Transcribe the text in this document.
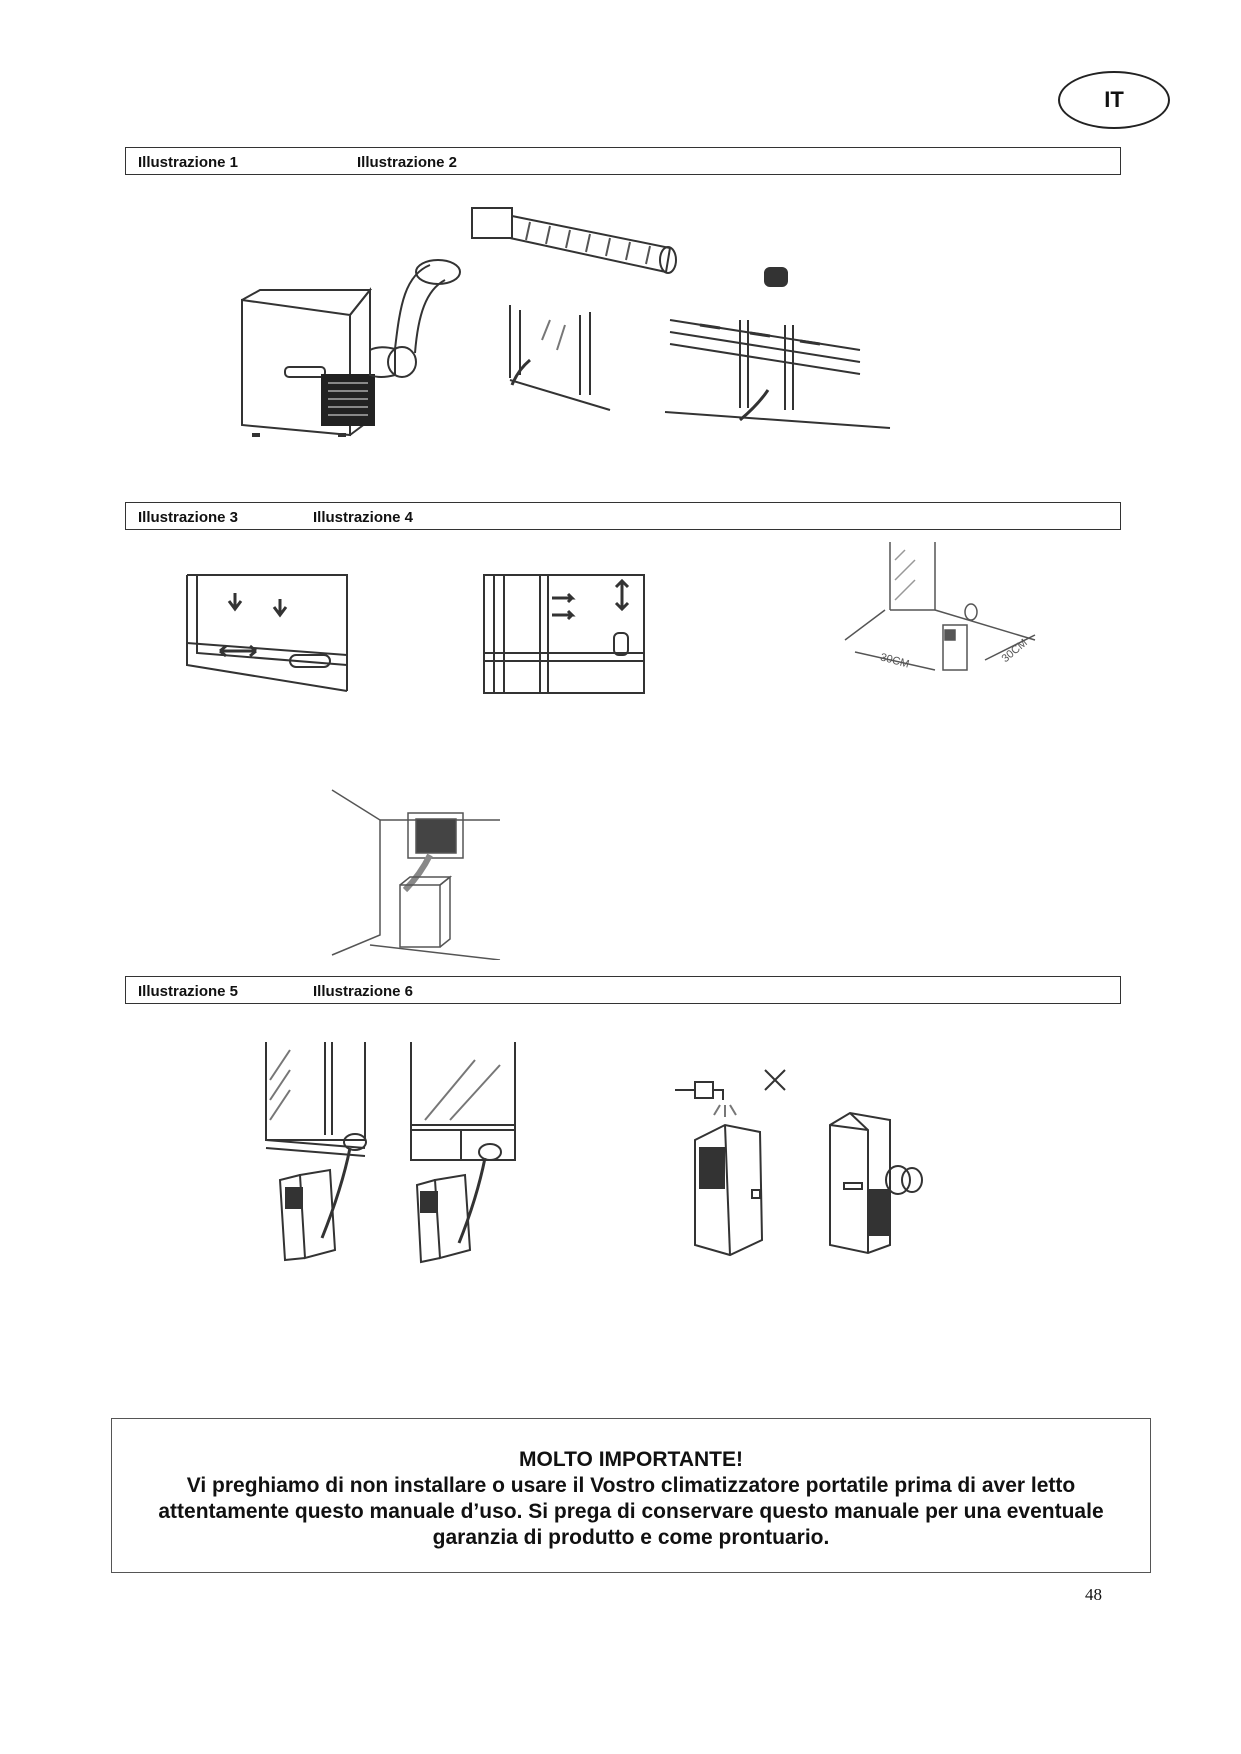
IT
Illustrazione 1	Illustrazione 2
Illustrazione 3	Illustrazione 4
30CM	30CM
Illustrazione 5	Illustrazione 6
MOLTO IMPORTANTE!
Vi preghiamo di non installare o usare il Vostro climatizzatore portatile prima di aver letto
attentamente questo manuale d’uso. Si prega di conservare questo manuale per una eventuale
garanzia di produtto e come prontuario.
48
